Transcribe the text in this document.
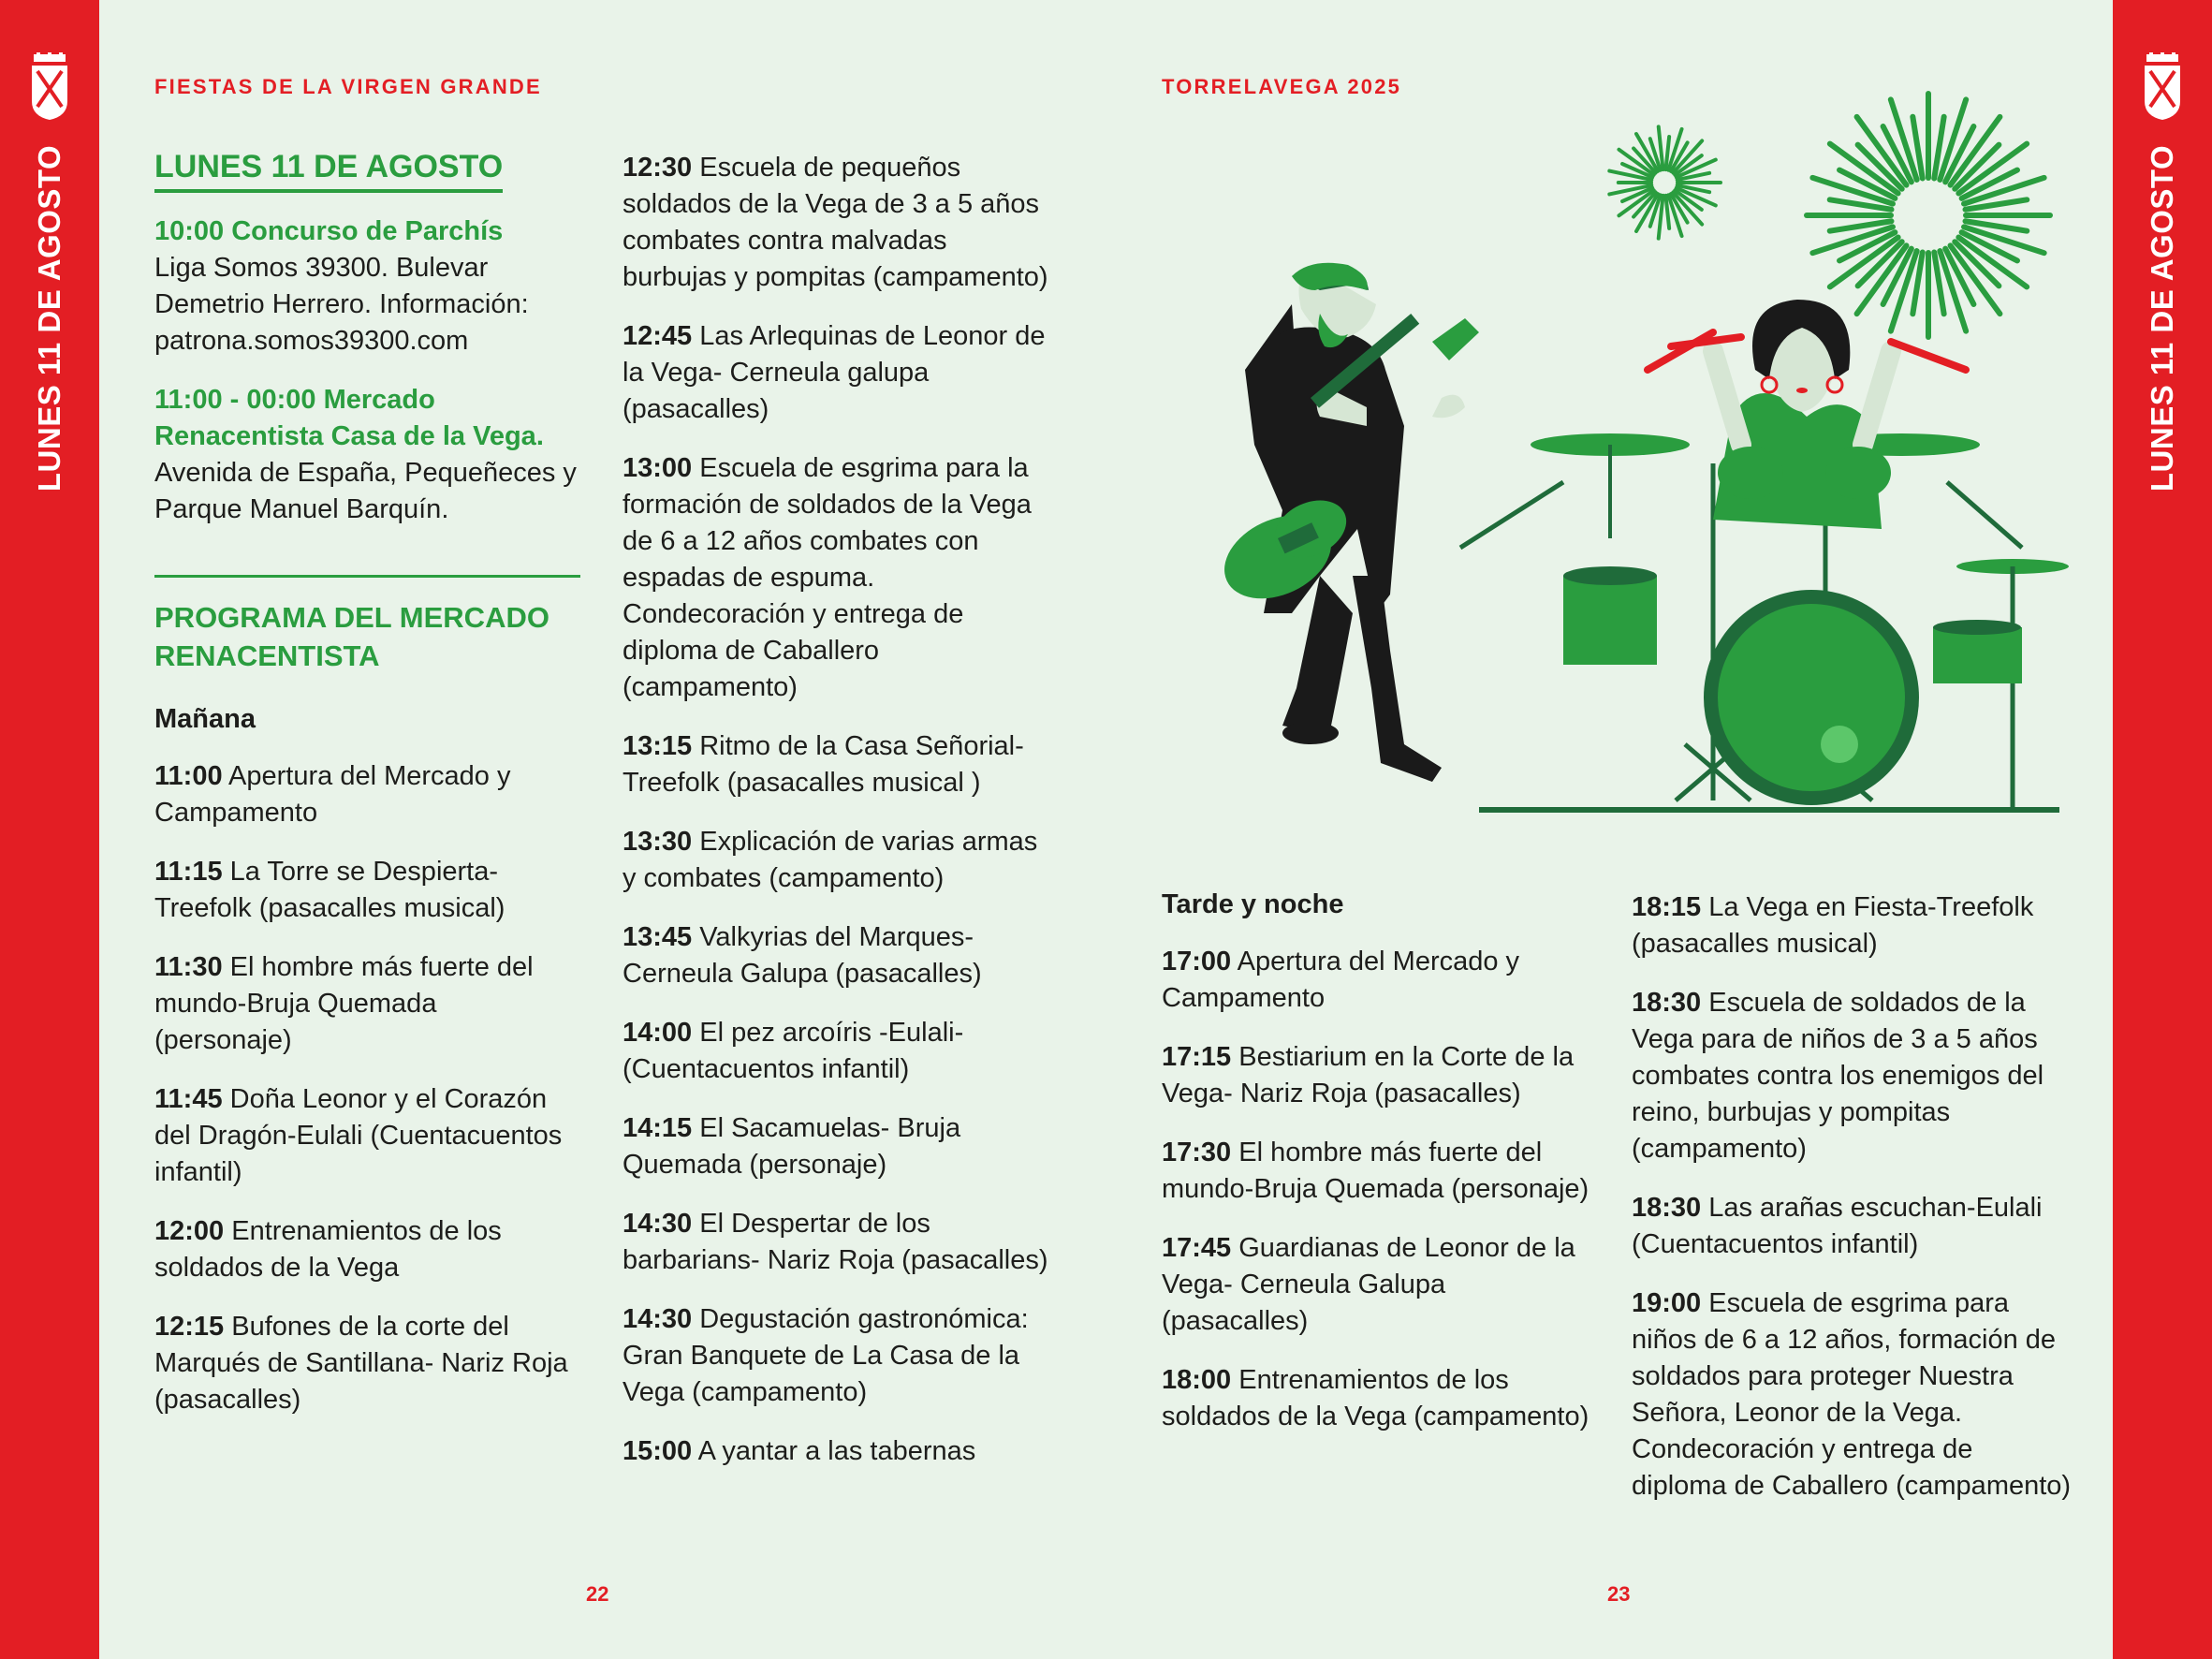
LUNES 11 DE AGOSTO	LUNES 11 DE AGOSTO
FIESTAS DE LA VIRGEN GRANDE	TORRELAVEGA 2025
LUNES 11 DE AGOSTO
10:00 Concurso de Parchís
Liga Somos 39300. Bulevar Demetrio Herrero. Información: patrona.somos39300.com
11:00 - 00:00 Mercado Renacentista Casa de la Vega. Avenida de España, Pequeñeces y Parque Manuel Barquín.
PROGRAMA DEL MERCADO RENACENTISTA
Mañana
11:00 Apertura del Mercado y Campamento
11:15 La Torre se Despierta- Treefolk (pasacalles musical)
11:30 El hombre más fuerte del mundo-Bruja Quemada (personaje)
11:45 Doña Leonor y el Corazón del Dragón-Eulali (Cuentacuentos infantil)
12:00 Entrenamientos de los soldados de la Vega
12:15 Bufones de la corte del Marqués de Santillana- Nariz Roja (pasacalles)
12:30 Escuela de pequeños soldados de la Vega de 3 a 5 años combates contra malvadas burbujas y pompitas (campamento)
12:45 Las Arlequinas de Leonor de la Vega- Cerneula galupa (pasacalles)
13:00 Escuela de esgrima para la formación de soldados de la Vega de 6 a 12 años combates con espadas de espuma. Condecoración y entrega de diploma de Caballero (campamento)
13:15 Ritmo de la Casa Señorial- Treefolk (pasacalles musical )
13:30 Explicación de varias armas y combates (campamento)
13:45 Valkyrias del Marques- Cerneula Galupa (pasacalles)
14:00 El pez arcoíris -Eulali- (Cuentacuentos infantil)
14:15 El Sacamuelas- Bruja Quemada (personaje)
14:30 El Despertar de los barbarians- Nariz Roja (pasacalles)
14:30 Degustación gastronómica: Gran Banquete de La Casa de la Vega (campamento)
15:00 A yantar a las tabernas
Tarde y noche
17:00 Apertura del Mercado y Campamento
17:15 Bestiarium en la Corte de la Vega- Nariz Roja (pasacalles)
17:30 El hombre más fuerte del mundo-Bruja Quemada (personaje)
17:45 Guardianas de Leonor de la Vega- Cerneula Galupa (pasacalles)
18:00 Entrenamientos de los soldados de la Vega (campamento)
18:15 La Vega en Fiesta-Treefolk (pasacalles musical)
18:30 Escuela de soldados de la Vega para de niños de 3 a 5 años combates contra los enemigos del reino, burbujas y pompitas (campamento)
18:30 Las arañas escuchan-Eulali (Cuentacuentos infantil)
19:00 Escuela de esgrima para niños de 6 a 12 años, formación de soldados para proteger Nuestra Señora, Leonor de la Vega. Condecoración y entrega de diploma de Caballero (campamento)
22	23
